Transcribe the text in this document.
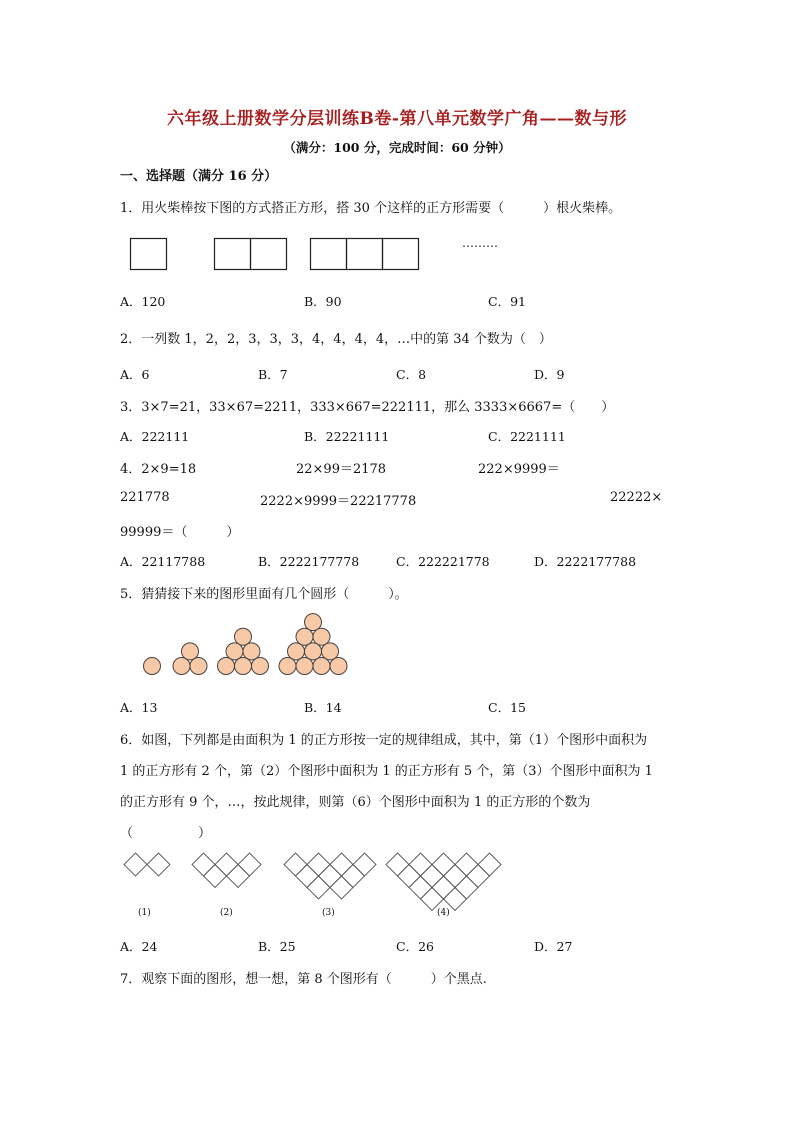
六年级上册数学分层训练B卷-第八单元数学广角——数与形
（满分：100 分，完成时间：60 分钟）
一、选择题（满分 16 分）
1．用火柴棒按下图的方式搭正方形，搭 30 个这样的正方形需要（　　　）根火柴棒。
………
A．120	B．90	C．91
2．一列数 1，2，2，3，3，3，4，4，4，4，…中的第 34 个数为（　）
A．6	B．7	C．8	D．9
3．3×7=21，33×67=2211，333×667=222111，那么 3333×6667=（　　）
A．222111	B．22221111	C．2221111
4．2×9=18	22×99＝2178	222×9999＝
221778	2222×9999＝22217778	22222×
99999＝（　　　）
A．22117788	B．2222177778	C．222221778	D．2222177788
5．猜猜接下来的图形里面有几个圆形（　　　）。
A．13	B．14	C．15
6．如图，下列都是由面积为 1 的正方形按一定的规律组成，其中，第（1）个图形中面积为
1 的正方形有 2 个，第（2）个图形中面积为 1 的正方形有 5 个，第（3）个图形中面积为 1
的正方形有 9 个，…，按此规律，则第（6）个图形中面积为 1 的正方形的个数为
（　　　　　）
(1)	(2)	(3)	(4)
A．24	B．25	C．26	D．27
7．观察下面的图形，想一想，第 8 个图形有（　　　）个黑点.
